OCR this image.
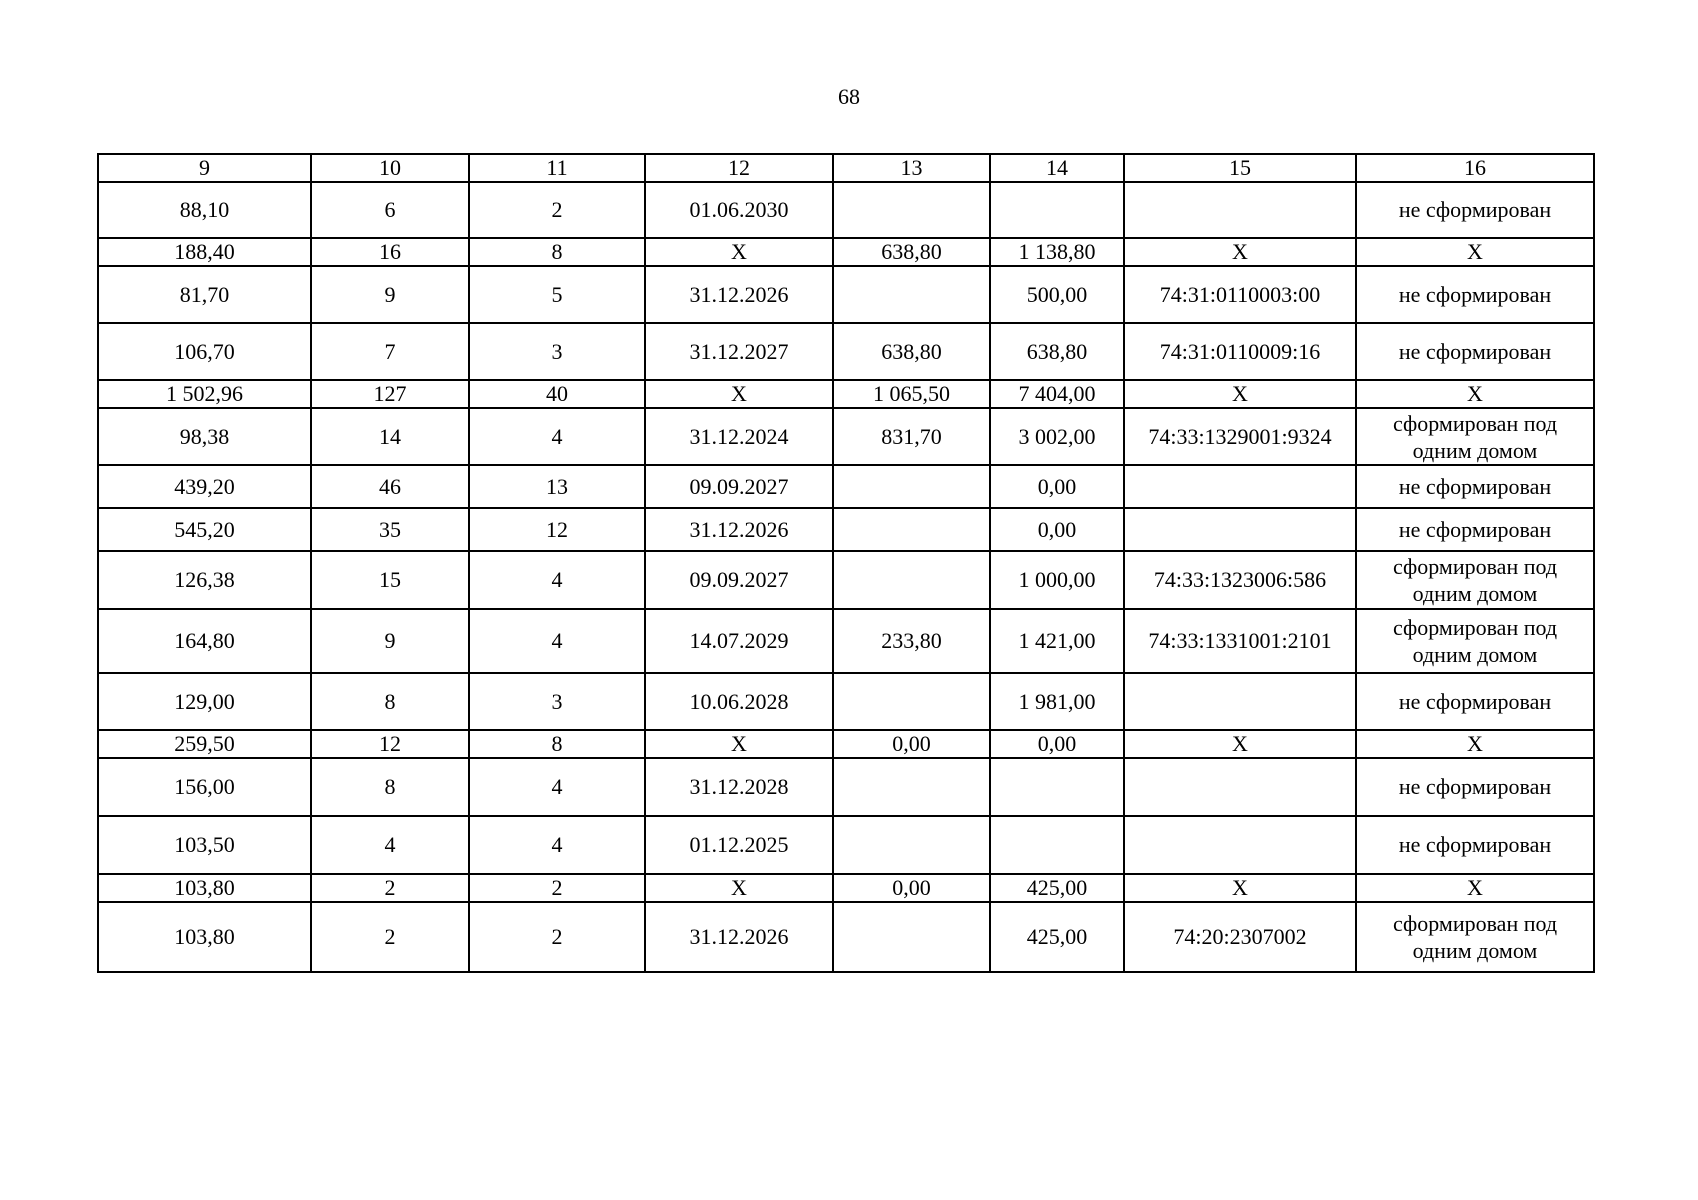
68
9	10	11	12	13	14	15	16
88,10	6	2	01.06.2030				не сформирован
188,40	16	8	X	638,80	1 138,80	X	X
81,70	9	5	31.12.2026		500,00	74:31:0110003:00	не сформирован
106,70	7	3	31.12.2027	638,80	638,80	74:31:0110009:16	не сформирован
1 502,96	127	40	X	1 065,50	7 404,00	X	X
98,38	14	4	31.12.2024	831,70	3 002,00	74:33:1329001:9324	сформирован под одним домом
439,20	46	13	09.09.2027		0,00		не сформирован
545,20	35	12	31.12.2026		0,00		не сформирован
126,38	15	4	09.09.2027		1 000,00	74:33:1323006:586	сформирован под одним домом
164,80	9	4	14.07.2029	233,80	1 421,00	74:33:1331001:2101	сформирован под одним домом
129,00	8	3	10.06.2028		1 981,00		не сформирован
259,50	12	8	X	0,00	0,00	X	X
156,00	8	4	31.12.2028				не сформирован
103,50	4	4	01.12.2025				не сформирован
103,80	2	2	X	0,00	425,00	X	X
103,80	2	2	31.12.2026		425,00	74:20:2307002	сформирован под одним домом
